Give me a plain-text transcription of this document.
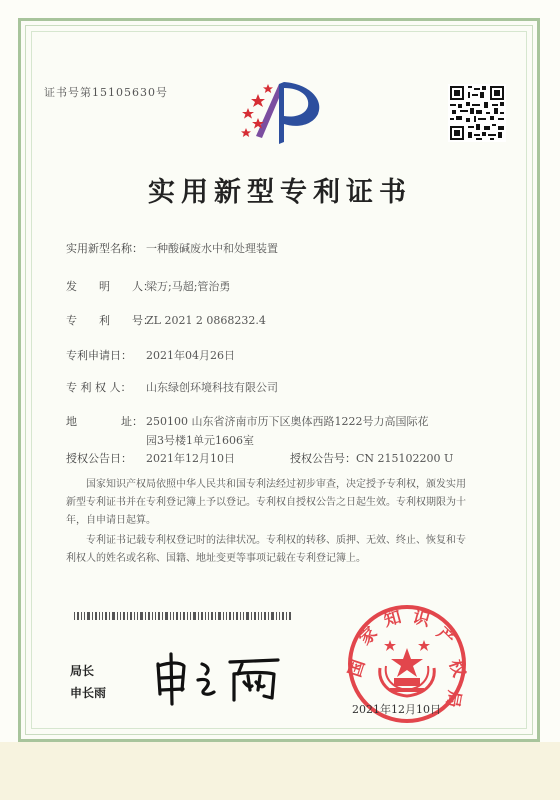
证书号第15105630号
实用新型专利证书
实用新型名称： 一种酸碱废水中和处理装置
发　　明　　人：梁万;马超;管治勇
专　　利　　号：ZL 2021 2 0868232.4
专利申请日： 2021年04月26日
专 利 权 人： 山东绿创环境科技有限公司
地　　　　址： 250100 山东省济南市历下区奥体西路1222号力高国际花
园3号楼1单元1606室
授权公告日： 2021年12月10日	授权公告号：CN 215102200 U
国家知识产权局依照中华人民共和国专利法经过初步审查，决定授予专利权，颁发实用
新型专利证书并在专利登记簿上予以登记。专利权自授权公告之日起生效。专利权期限为十
年，自申请日起算。
专利证书记载专利权登记时的法律状况。专利权的转移、质押、无效、终止、恢复和专
利权人的姓名或名称、国籍、地址变更等事项记载在专利登记簿上。
局长
申长雨
国
家
知 识
产
权
局
2021年12月10日
